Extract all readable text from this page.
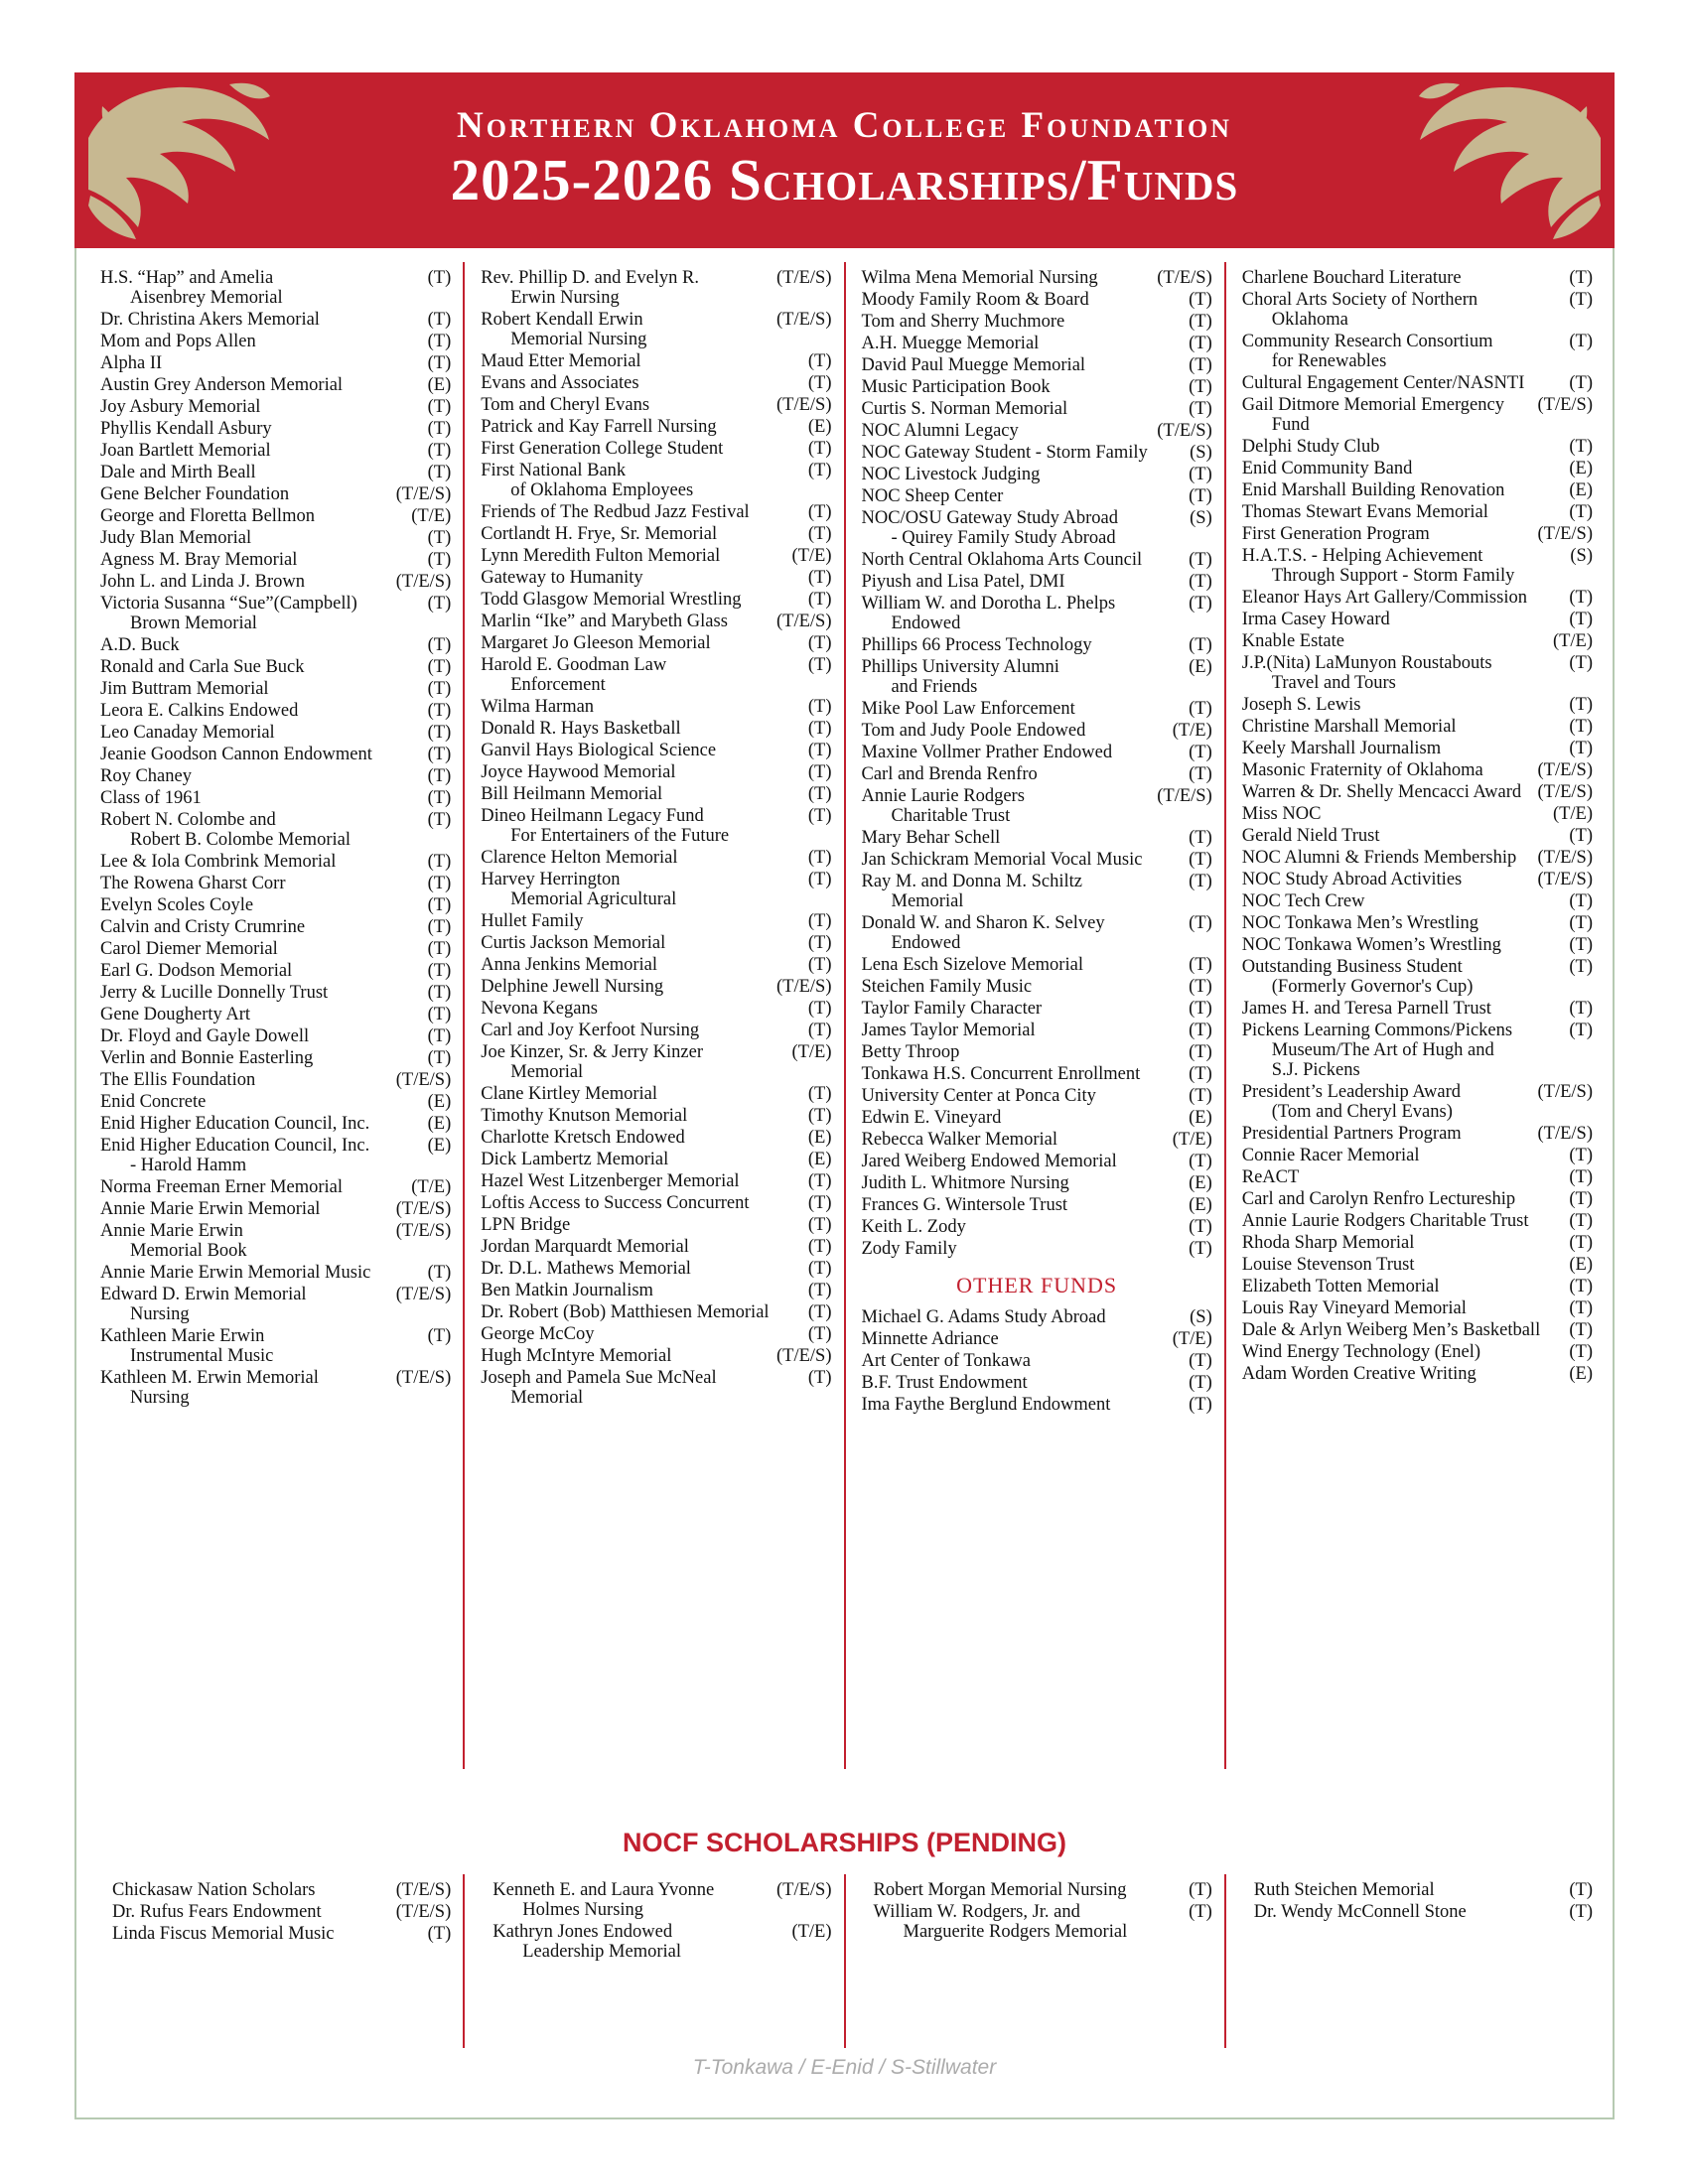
Northern Oklahoma College Foundation
2025-2026 Scholarships/Funds
H.S. “Hap” and Amelia	(T)
Aisenbrey Memorial
Dr. Christina Akers Memorial	(T)
Mom and Pops Allen	(T)
Alpha II	(T)
Austin Grey Anderson Memorial	(E)
Joy Asbury Memorial	(T)
Phyllis Kendall Asbury	(T)
Joan Bartlett Memorial	(T)
Dale and Mirth Beall	(T)
Gene Belcher Foundation	(T/E/S)
George and Floretta Bellmon	(T/E)
Judy Blan Memorial	(T)
Agness M. Bray Memorial	(T)
John L. and Linda J. Brown	(T/E/S)
Victoria Susanna “Sue”(Campbell)	(T)
Brown Memorial
A.D. Buck	(T)
Ronald and Carla Sue Buck	(T)
Jim Buttram Memorial	(T)
Leora E. Calkins Endowed	(T)
Leo Canaday Memorial	(T)
Jeanie Goodson Cannon Endowment	(T)
Roy Chaney	(T)
Class of 1961	(T)
Robert N. Colombe and	(T)
Robert B. Colombe Memorial
Lee & Iola Combrink Memorial	(T)
The Rowena Gharst Corr	(T)
Evelyn Scoles Coyle	(T)
Calvin and Cristy Crumrine	(T)
Carol Diemer Memorial	(T)
Earl G. Dodson Memorial	(T)
Jerry & Lucille Donnelly Trust	(T)
Gene Dougherty Art	(T)
Dr. Floyd and Gayle Dowell	(T)
Verlin and Bonnie Easterling	(T)
The Ellis Foundation	(T/E/S)
Enid Concrete	(E)
Enid Higher Education Council, Inc.	(E)
Enid Higher Education Council, Inc.	(E)
- Harold Hamm
Norma Freeman Erner Memorial	(T/E)
Annie Marie Erwin Memorial	(T/E/S)
Annie Marie Erwin	(T/E/S)
Memorial Book
Annie Marie Erwin Memorial Music	(T)
Edward D. Erwin Memorial	(T/E/S)
Nursing
Kathleen Marie Erwin	(T)
Instrumental Music
Kathleen M. Erwin Memorial	(T/E/S)
Nursing
Rev. Phillip D. and Evelyn R.	(T/E/S)
Erwin Nursing
Robert Kendall Erwin	(T/E/S)
Memorial Nursing
Maud Etter Memorial	(T)
Evans and Associates	(T)
Tom and Cheryl Evans	(T/E/S)
Patrick and Kay Farrell Nursing	(E)
First Generation College Student	(T)
First National Bank	(T)
of Oklahoma Employees
Friends of The Redbud Jazz Festival	(T)
Cortlandt H. Frye, Sr. Memorial	(T)
Lynn Meredith Fulton Memorial	(T/E)
Gateway to Humanity	(T)
Todd Glasgow Memorial Wrestling	(T)
Marlin “Ike” and Marybeth Glass	(T/E/S)
Margaret Jo Gleeson Memorial	(T)
Harold E. Goodman Law	(T)
Enforcement
Wilma Harman	(T)
Donald R. Hays Basketball	(T)
Ganvil Hays Biological Science	(T)
Joyce Haywood Memorial	(T)
Bill Heilmann Memorial	(T)
Dineo Heilmann Legacy Fund	(T)
For Entertainers of the Future
Clarence Helton Memorial	(T)
Harvey Herrington	(T)
Memorial Agricultural
Hullet Family	(T)
Curtis Jackson Memorial	(T)
Anna Jenkins Memorial	(T)
Delphine Jewell Nursing	(T/E/S)
Nevona Kegans	(T)
Carl and Joy Kerfoot Nursing	(T)
Joe Kinzer, Sr. & Jerry Kinzer	(T/E)
Memorial
Clane Kirtley Memorial	(T)
Timothy Knutson Memorial	(T)
Charlotte Kretsch Endowed	(E)
Dick Lambertz Memorial	(E)
Hazel West Litzenberger Memorial	(T)
Loftis Access to Success Concurrent	(T)
LPN Bridge	(T)
Jordan Marquardt Memorial	(T)
Dr. D.L. Mathews Memorial	(T)
Ben Matkin Journalism	(T)
Dr. Robert (Bob) Matthiesen Memorial	(T)
George McCoy	(T)
Hugh McIntyre Memorial	(T/E/S)
Joseph and Pamela Sue McNeal	(T)
Memorial
Wilma Mena Memorial Nursing	(T/E/S)
Moody Family Room & Board	(T)
Tom and Sherry Muchmore	(T)
A.H. Muegge Memorial	(T)
David Paul Muegge Memorial	(T)
Music Participation Book	(T)
Curtis S. Norman Memorial	(T)
NOC Alumni Legacy	(T/E/S)
NOC Gateway Student - Storm Family	(S)
NOC Livestock Judging	(T)
NOC Sheep Center	(T)
NOC/OSU Gateway Study Abroad	(S)
- Quirey Family Study Abroad
North Central Oklahoma Arts Council	(T)
Piyush and Lisa Patel, DMI	(T)
William W. and Dorotha L. Phelps	(T)
Endowed
Phillips 66 Process Technology	(T)
Phillips University Alumni	(E)
and Friends
Mike Pool Law Enforcement	(T)
Tom and Judy Poole Endowed	(T/E)
Maxine Vollmer Prather Endowed	(T)
Carl and Brenda Renfro	(T)
Annie Laurie Rodgers	(T/E/S)
Charitable Trust
Mary Behar Schell	(T)
Jan Schickram Memorial Vocal Music	(T)
Ray M. and Donna M. Schiltz	(T)
Memorial
Donald W. and Sharon K. Selvey	(T)
Endowed
Lena Esch Sizelove Memorial	(T)
Steichen Family Music	(T)
Taylor Family Character	(T)
James Taylor Memorial	(T)
Betty Throop	(T)
Tonkawa H.S. Concurrent Enrollment	(T)
University Center at Ponca City	(T)
Edwin E. Vineyard	(E)
Rebecca Walker Memorial	(T/E)
Jared Weiberg Endowed Memorial	(T)
Judith L. Whitmore Nursing	(E)
Frances G. Wintersole Trust	(E)
Keith L. Zody	(T)
Zody Family	(T)
OTHER FUNDS
Michael G. Adams Study Abroad	(S)
Minnette Adriance	(T/E)
Art Center of Tonkawa	(T)
B.F. Trust Endowment	(T)
Ima Faythe Berglund Endowment	(T)
Charlene Bouchard Literature	(T)
Choral Arts Society of Northern	(T)
Oklahoma
Community Research Consortium	(T)
for Renewables
Cultural Engagement Center/NASNTI	(T)
Gail Ditmore Memorial Emergency	(T/E/S)
Fund
Delphi Study Club	(T)
Enid Community Band	(E)
Enid Marshall Building Renovation	(E)
Thomas Stewart Evans Memorial	(T)
First Generation Program	(T/E/S)
H.A.T.S. - Helping Achievement	(S)
Through Support - Storm Family
Eleanor Hays Art Gallery/Commission	(T)
Irma Casey Howard	(T)
Knable Estate	(T/E)
J.P.(Nita) LaMunyon Roustabouts	(T)
Travel and Tours
Joseph S. Lewis	(T)
Christine Marshall Memorial	(T)
Keely Marshall Journalism	(T)
Masonic Fraternity of Oklahoma	(T/E/S)
Warren & Dr. Shelly Mencacci Award (T/E/S)
Miss NOC	(T/E)
Gerald Nield Trust	(T)
NOC Alumni & Friends Membership	(T/E/S)
NOC Study Abroad Activities	(T/E/S)
NOC Tech Crew	(T)
NOC Tonkawa Men’s Wrestling	(T)
NOC Tonkawa Women’s Wrestling	(T)
Outstanding Business Student	(T)
(Formerly Governor's Cup)
James H. and Teresa Parnell Trust	(T)
Pickens Learning Commons/Pickens	(T)
Museum/The Art of Hugh and
S.J. Pickens
President’s Leadership Award	(T/E/S)
(Tom and Cheryl Evans)
Presidential Partners Program	(T/E/S)
Connie Racer Memorial	(T)
ReACT	(T)
Carl and Carolyn Renfro Lectureship	(T)
Annie Laurie Rodgers Charitable Trust	(T)
Rhoda Sharp Memorial	(T)
Louise Stevenson Trust	(E)
Elizabeth Totten Memorial	(T)
Louis Ray Vineyard Memorial	(T)
Dale & Arlyn Weiberg Men’s Basketball	(T)
Wind Energy Technology (Enel)	(T)
Adam Worden Creative Writing	(E)
NOCF SCHOLARSHIPS (PENDING)
Chickasaw Nation Scholars	(T/E/S)
Dr. Rufus Fears Endowment	(T/E/S)
Linda Fiscus Memorial Music	(T)
Kenneth E. and Laura Yvonne	(T/E/S)
Holmes Nursing
Kathryn Jones Endowed	(T/E)
Leadership Memorial
Robert Morgan Memorial Nursing	(T)
William W. Rodgers, Jr. and	(T)
Marguerite Rodgers Memorial
Ruth Steichen Memorial	(T)
Dr. Wendy McConnell Stone	(T)
T-Tonkawa / E-Enid / S-Stillwater
